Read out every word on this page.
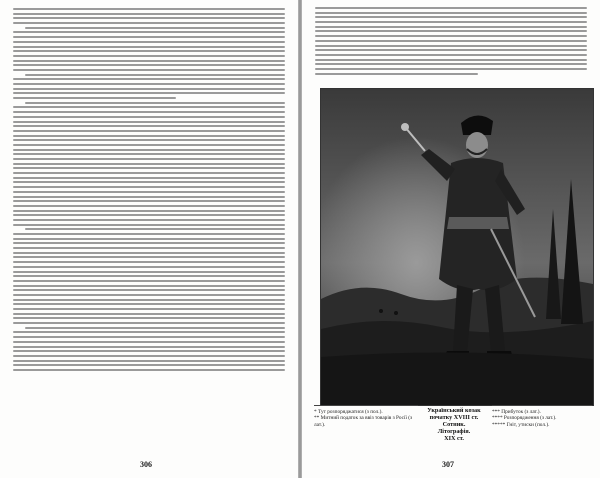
306
* Тут розпоряджатися (з пол.).
** Митний податок за ввіз товарів з Росії (з лат.).
Український козак
початку XVIII ст.
Сотник.
Літографія.
XIX ст.
*** Прибуток (з лат.).
**** Розпорядження (з лат.).
***** Гніт, утиски (пол.).
307
